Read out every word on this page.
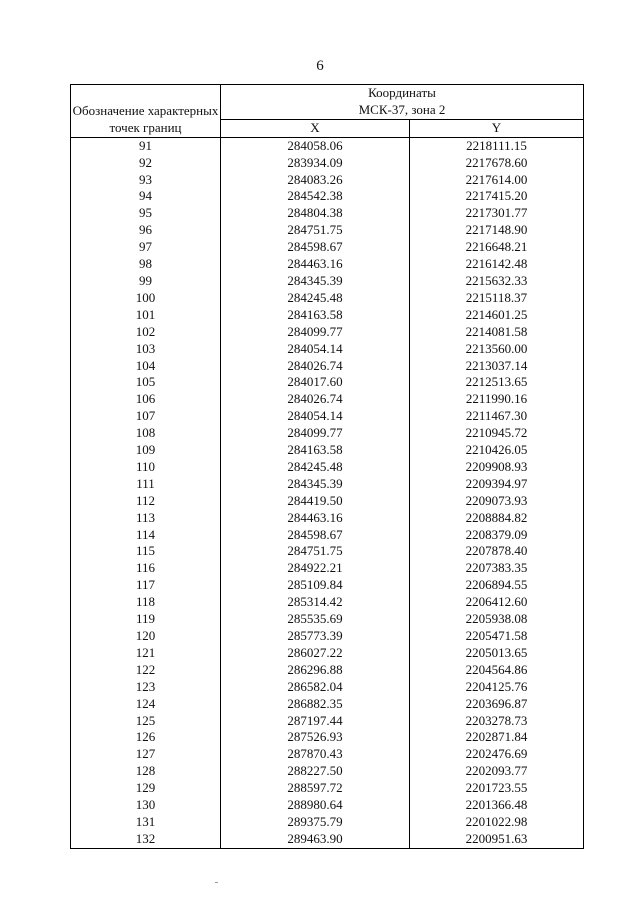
6
Обозначение характерных точек границ	Координаты
МСК-37, зона 2	

	X	Y
91	284058.06	2218111.15
92	283934.09	2217678.60
93	284083.26	2217614.00
94	284542.38	2217415.20
95	284804.38	2217301.77
96	284751.75	2217148.90
97	284598.67	2216648.21
98	284463.16	2216142.48
99	284345.39	2215632.33
100	284245.48	2215118.37
101	284163.58	2214601.25
102	284099.77	2214081.58
103	284054.14	2213560.00
104	284026.74	2213037.14
105	284017.60	2212513.65
106	284026.74	2211990.16
107	284054.14	2211467.30
108	284099.77	2210945.72
109	284163.58	2210426.05
110	284245.48	2209908.93
111	284345.39	2209394.97
112	284419.50	2209073.93
113	284463.16	2208884.82
114	284598.67	2208379.09
115	284751.75	2207878.40
116	284922.21	2207383.35
117	285109.84	2206894.55
118	285314.42	2206412.60
119	285535.69	2205938.08
120	285773.39	2205471.58
121	286027.22	2205013.65
122	286296.88	2204564.86
123	286582.04	2204125.76
124	286882.35	2203696.87
125	287197.44	2203278.73
126	287526.93	2202871.84
127	287870.43	2202476.69
128	288227.50	2202093.77
129	288597.72	2201723.55
130	288980.64	2201366.48
131	289375.79	2201022.98
132	289463.90	2200951.63
